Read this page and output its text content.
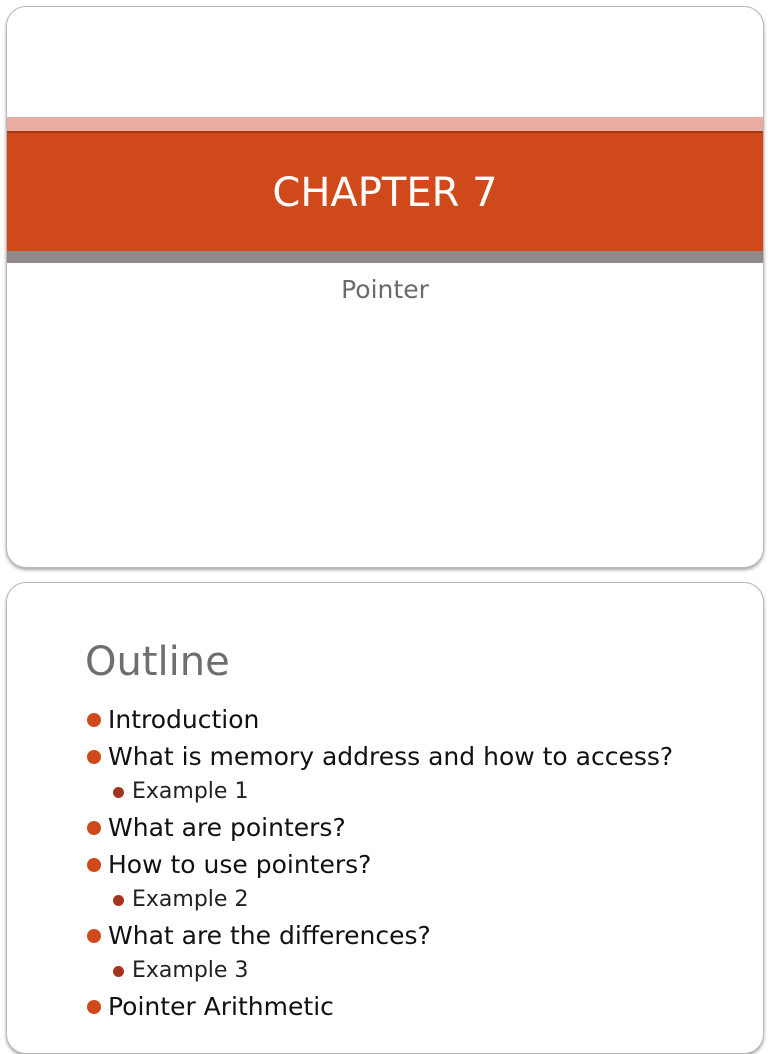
CHAPTER 7
Pointer
Outline
Introduction
What is memory address and how to access?
Example 1
What are pointers?
How to use pointers?
Example 2
What are the differences?
Example 3
Pointer Arithmetic
